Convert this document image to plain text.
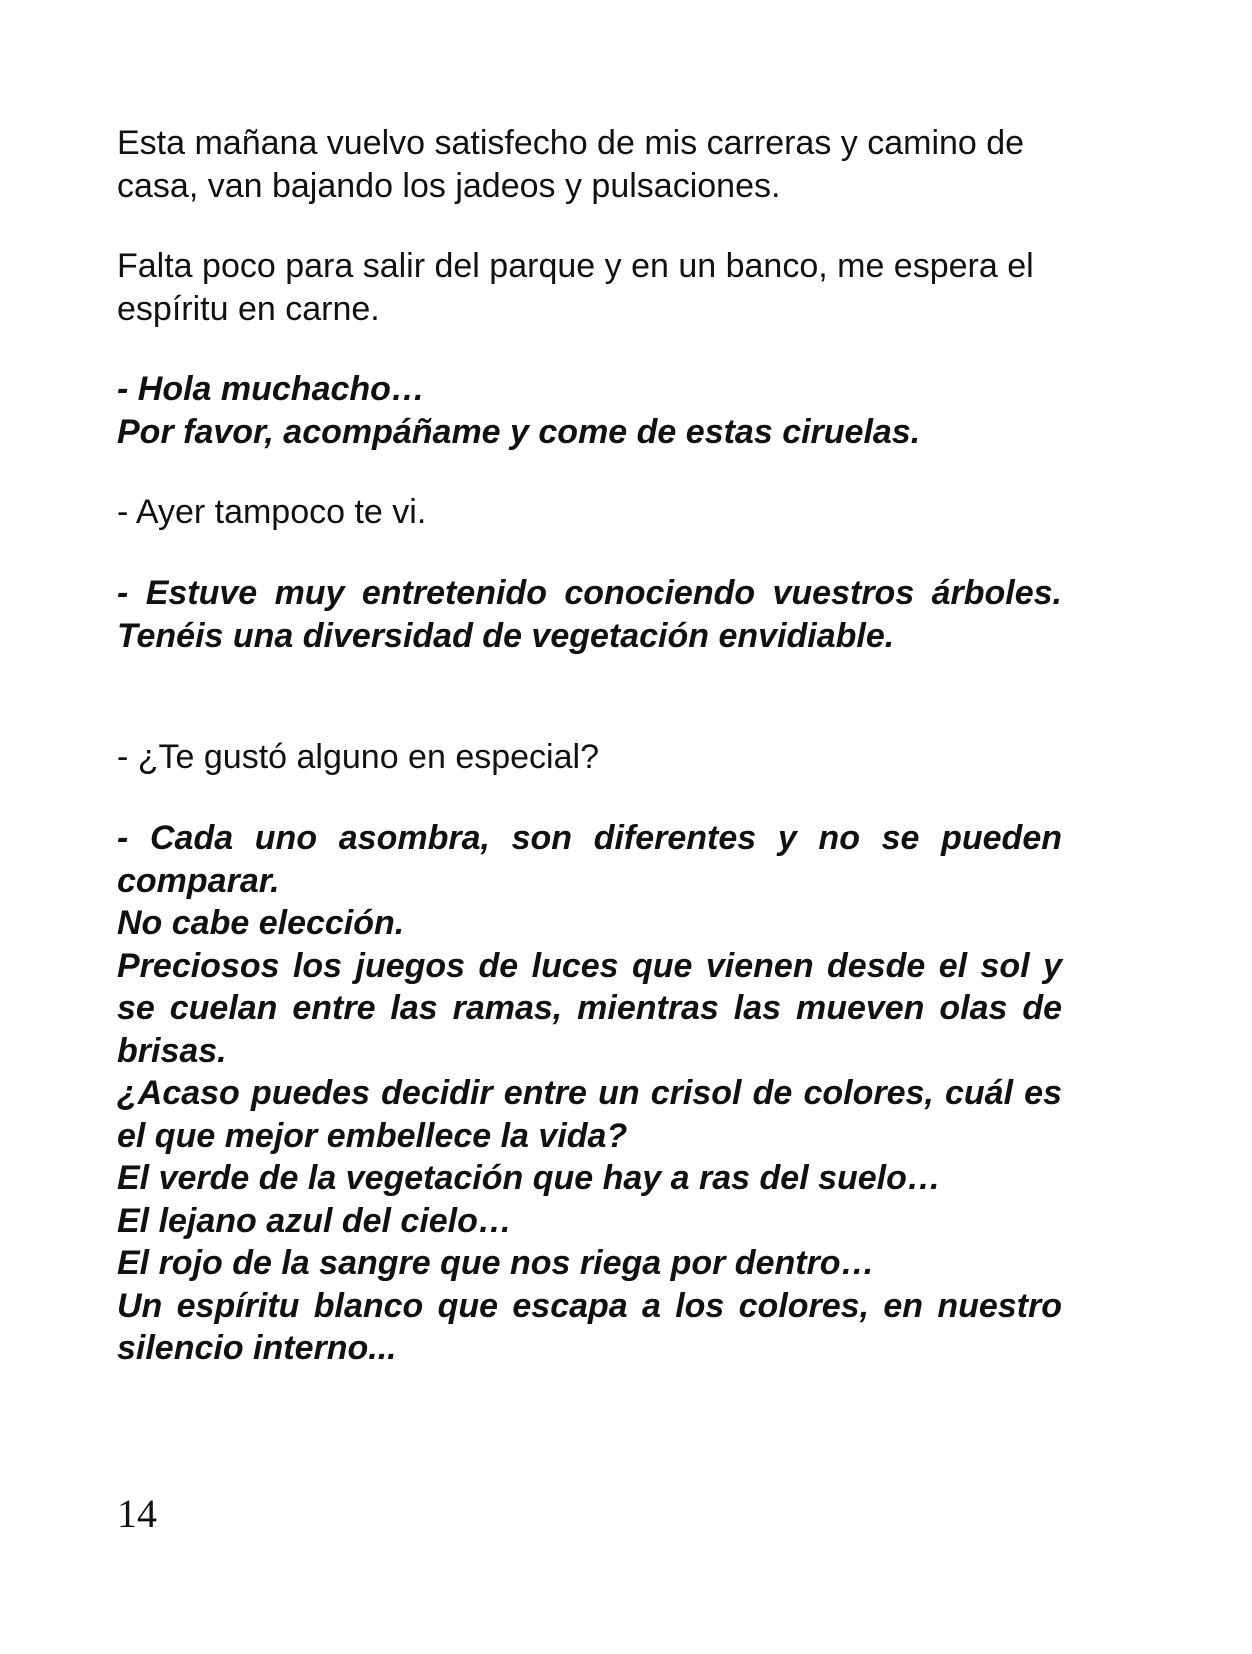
Esta mañana vuelvo satisfecho de mis carreras y camino de casa, van bajando los jadeos y pulsaciones.

Falta poco para salir del parque y en un banco, me espera el espíritu en carne.

- Hola muchacho…

Por favor, acompáñame y come de estas ciruelas.

- Ayer tampoco te vi.

- Estuve muy entretenido conociendo vuestros árboles. Tenéis una diversidad de vegetación envidiable.

- ¿Te gustó alguno en especial?

- Cada uno asombra, son diferentes y no se pueden comparar.

No cabe elección.

Preciosos los juegos de luces que vienen desde el sol y se cuelan entre las ramas, mientras las mueven olas de brisas.

¿Acaso puedes decidir entre un crisol de colores, cuál es el que mejor embellece la vida?

El verde de la vegetación que hay a ras del suelo…

El lejano azul del cielo…

El rojo de la sangre que nos riega por dentro…

Un espíritu blanco que escapa a los colores, en nuestro silencio interno...

14
